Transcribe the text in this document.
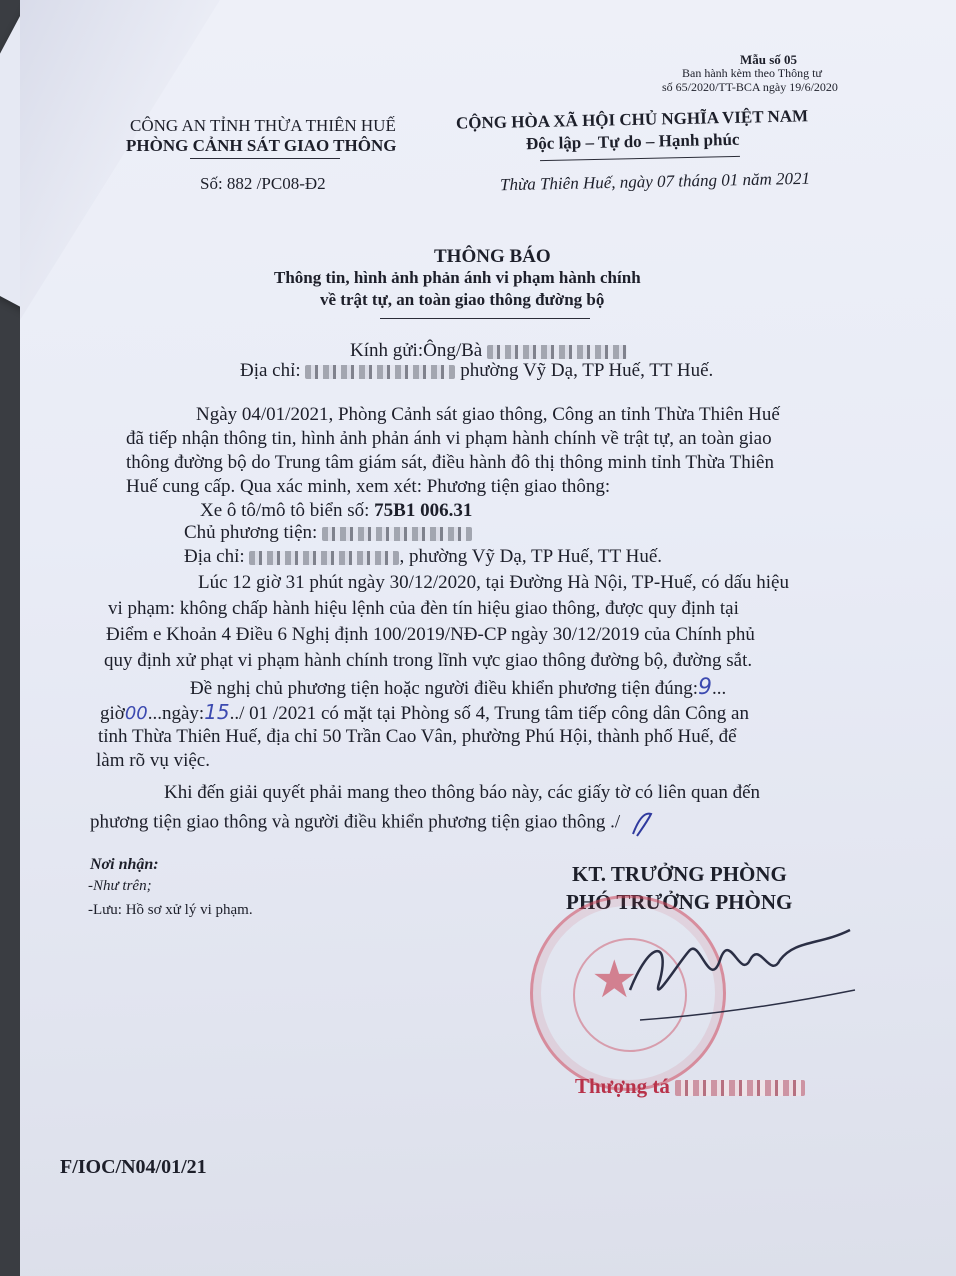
Mẫu số 05
Ban hành kèm theo Thông tư
số 65/2020/TT-BCA ngày 19/6/2020
CÔNG AN TỈNH THỪA THIÊN HUẾ
PHÒNG CẢNH SÁT GIAO THÔNG
Số: 882 /PC08-Đ2
CỘNG HÒA XÃ HỘI CHỦ NGHĨA VIỆT NAM
Độc lập – Tự do – Hạnh phúc
Thừa Thiên Huế, ngày 07 tháng 01 năm 2021
THÔNG BÁO
Thông tin, hình ảnh phản ánh vi phạm hành chính
về trật tự, an toàn giao thông đường bộ
Kính gửi:Ông/Bà
Địa chỉ:	phường Vỹ Dạ, TP Huế, TT Huế.
Ngày 04/01/2021, Phòng Cảnh sát giao thông, Công an tỉnh Thừa Thiên Huế
đã tiếp nhận thông tin, hình ảnh phản ánh vi phạm hành chính về trật tự, an toàn giao
thông đường bộ do Trung tâm giám sát, điều hành đô thị thông minh tỉnh Thừa Thiên
Huế cung cấp. Qua xác minh, xem xét: Phương tiện giao thông:
Xe ô tô/mô tô biển số: 75B1 006.31
Chủ phương tiện:
Địa chỉ:	, phường Vỹ Dạ, TP Huế, TT Huế.
Lúc 12 giờ 31 phút ngày 30/12/2020, tại Đường Hà Nội, TP-Huế, có dấu hiệu
vi phạm: không chấp hành hiệu lệnh của đèn tín hiệu giao thông, được quy định tại
Điểm e Khoản 4 Điều 6 Nghị định 100/2019/NĐ-CP ngày 30/12/2019 của Chính phủ
quy định xử phạt vi phạm hành chính trong lĩnh vực giao thông đường bộ, đường sắt.
Đề nghị chủ phương tiện hoặc người điều khiển phương tiện đúng:9...
giờ00...ngày:15../ 01 /2021 có mặt tại Phòng số 4, Trung tâm tiếp công dân Công an
tỉnh Thừa Thiên Huế, địa chỉ 50 Trần Cao Vân, phường Phú Hội, thành phố Huế, để
làm rõ vụ việc.
Khi đến giải quyết phải mang theo thông báo này, các giấy tờ có liên quan đến
phương tiện giao thông và người điều khiển phương tiện giao thông ./
Nơi nhận:
-Như trên;
-Lưu: Hồ sơ xử lý vi phạm.
KT. TRƯỞNG PHÒNG
PHÓ TRƯỞNG PHÒNG
★
Thượng tá
F/IOC/N04/01/21
